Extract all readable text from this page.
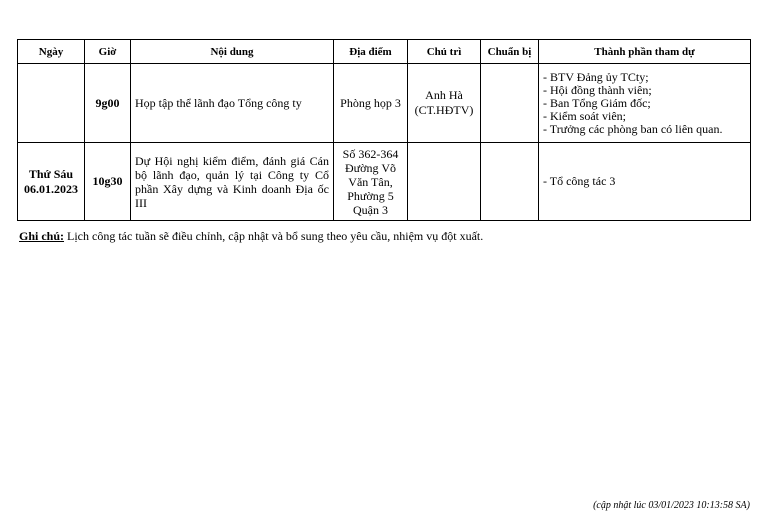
Ngày	Giờ	Nội dung	Địa điểm	Chủ trì	Chuẩn bị	Thành phần tham dự
	9g00	Họp tập thể lãnh đạo Tổng công ty	Phòng họp 3	Anh Hà (CT.HĐTV)		- BTV Đảng ủy TCty;
- Hội đồng thành viên;
- Ban Tổng Giám đốc;
- Kiểm soát viên;
- Trưởng các phòng ban có liên quan.

Thứ Sáu
06.01.2023	10g30	Dự Hội nghị kiểm điểm, đánh giá Cán bộ lãnh đạo, quản lý tại Công ty Cổ phần Xây dựng và Kinh doanh Địa ốc III	Số 362-364 Đường Võ Văn Tân, Phường 5 Quận 3			- Tổ công tác 3
Ghi chú: Lịch công tác tuần sẽ điều chỉnh, cập nhật và bổ sung theo yêu cầu, nhiệm vụ đột xuất.
(cập nhật lúc 03/01/2023 10:13:58 SA)
